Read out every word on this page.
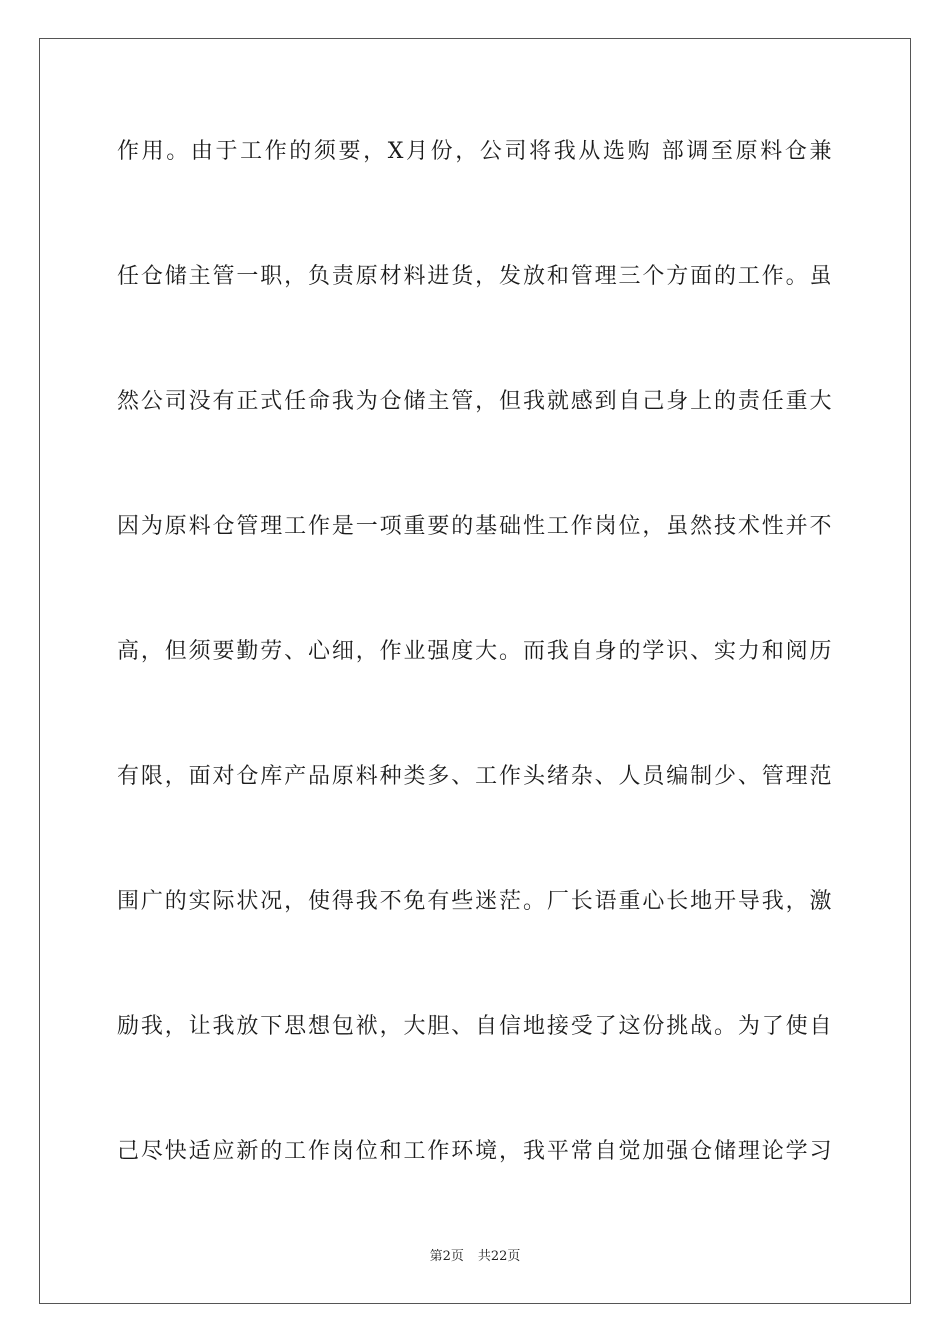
作用。由于工作的须要，X月份，公司将我从选购 部调至原料仓兼
任仓储主管一职，负责原材料进货，发放和管理三个方面的工作。虽
然公司没有正式任命我为仓储主管，但我就感到自己身上的责任重大
因为原料仓管理工作是一项重要的基础性工作岗位，虽然技术性并不
高，但须要勤劳、心细，作业强度大。而我自身的学识、实力和阅历
有限，面对仓库产品原料种类多、工作头绪杂、人员编制少、管理范
围广的实际状况，使得我不免有些迷茫。厂长语重心长地开导我，激
励我，让我放下思想包袱，大胆、自信地接受了这份挑战。为了使自
己尽快适应新的工作岗位和工作环境，我平常自觉加强仓储理论学习
第2页 共22页
